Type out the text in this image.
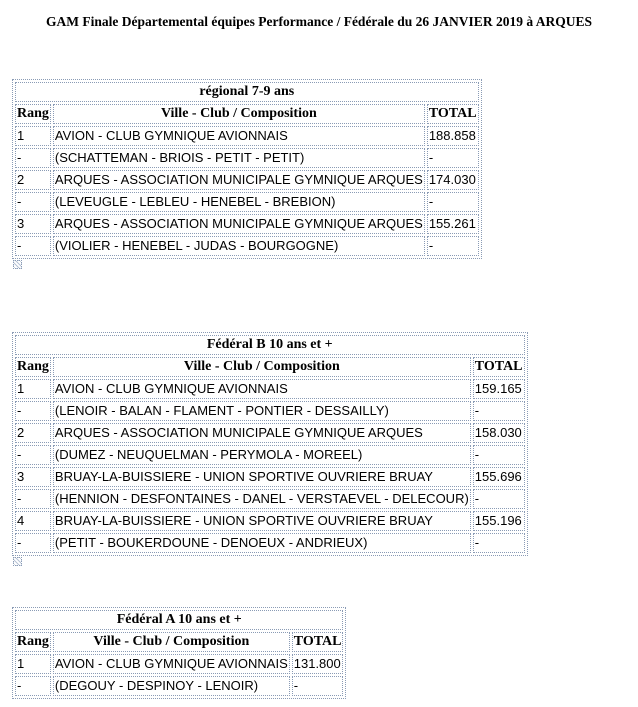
GAM Finale Départemental équipes Performance / Fédérale du 26 JANVIER 2019 à ARQUES
régional 7-9 ans		
Rang	Ville - Club / Composition	TOTAL
1	AVION - CLUB GYMNIQUE AVIONNAIS	188.858
-	(SCHATTEMAN - BRIOIS - PETIT - PETIT)	-
2	ARQUES - ASSOCIATION MUNICIPALE GYMNIQUE ARQUES	174.030
-	(LEVEUGLE - LEBLEU - HENEBEL - BREBION)	-
3	ARQUES - ASSOCIATION MUNICIPALE GYMNIQUE ARQUES	155.261
-	(VIOLIER - HENEBEL - JUDAS - BOURGOGNE)	-
Fédéral B 10 ans et +		
Rang	Ville - Club / Composition	TOTAL
1	AVION - CLUB GYMNIQUE AVIONNAIS	159.165
-	(LENOIR - BALAN - FLAMENT - PONTIER - DESSAILLY)	-
2	ARQUES - ASSOCIATION MUNICIPALE GYMNIQUE ARQUES	158.030
-	(DUMEZ - NEUQUELMAN - PERYMOLA - MOREEL)	-
3	BRUAY-LA-BUISSIERE - UNION SPORTIVE OUVRIERE BRUAY	155.696
-	(HENNION - DESFONTAINES - DANEL - VERSTAEVEL - DELECOUR)	-
4	BRUAY-LA-BUISSIERE - UNION SPORTIVE OUVRIERE BRUAY	155.196
-	(PETIT - BOUKERDOUNE - DENOEUX - ANDRIEUX)	-
Fédéral A 10 ans et +		
Rang	Ville - Club / Composition	TOTAL
1	AVION - CLUB GYMNIQUE AVIONNAIS	131.800
-	(DEGOUY - DESPINOY - LENOIR)	-
